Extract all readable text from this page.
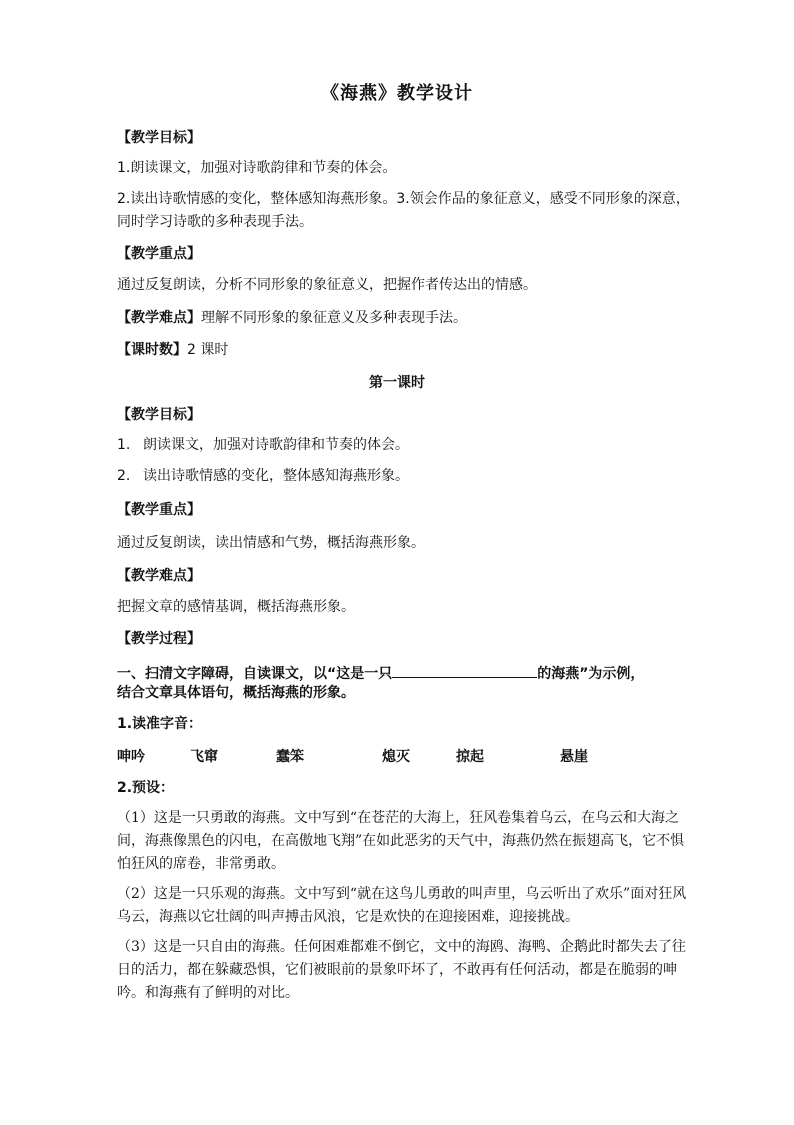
《海燕》教学设计
【教学目标】
1.朗读课文，加强对诗歌韵律和节奏的体会。
2.读出诗歌情感的变化，整体感知海燕形象。3.领会作品的象征意义，感受不同形象的深意，同时学习诗歌的多种表现手法。
【教学重点】
通过反复朗读，分析不同形象的象征意义，把握作者传达出的情感。
【教学难点】理解不同形象的象征意义及多种表现手法。
【课时数】2 课时
第一课时
【教学目标】
1. 朗读课文，加强对诗歌韵律和节奏的体会。
2. 读出诗歌情感的变化，整体感知海燕形象。
【教学重点】
通过反复朗读，读出情感和气势，概括海燕形象。
【教学难点】
把握文章的感情基调，概括海燕形象。
【教学过程】
一、扫清文字障碍，自读课文，以“这是一只	的海燕”为示例，
结合文章具体语句，概括海燕的形象。
1.读准字音：
呻吟	飞窜	蠢笨	熄灭	掠起	悬崖
2.预设：
（1）这是一只勇敢的海燕。文中写到“在苍茫的大海上，狂风卷集着乌云，在乌云和大海之间，海燕像黑色的闪电，在高傲地飞翔”在如此恶劣的天气中，海燕仍然在振翅高飞，它不惧怕狂风的席卷，非常勇敢。
（2）这是一只乐观的海燕。文中写到“就在这鸟儿勇敢的叫声里，乌云听出了欢乐”面对狂风乌云，海燕以它壮阔的叫声搏击风浪，它是欢快的在迎接困难，迎接挑战。
（3）这是一只自由的海燕。任何困难都难不倒它，文中的海鸥、海鸭、企鹅此时都失去了往日的活力，都在躲藏恐惧，它们被眼前的景象吓坏了，不敢再有任何活动，都是在脆弱的呻吟。和海燕有了鲜明的对比。
